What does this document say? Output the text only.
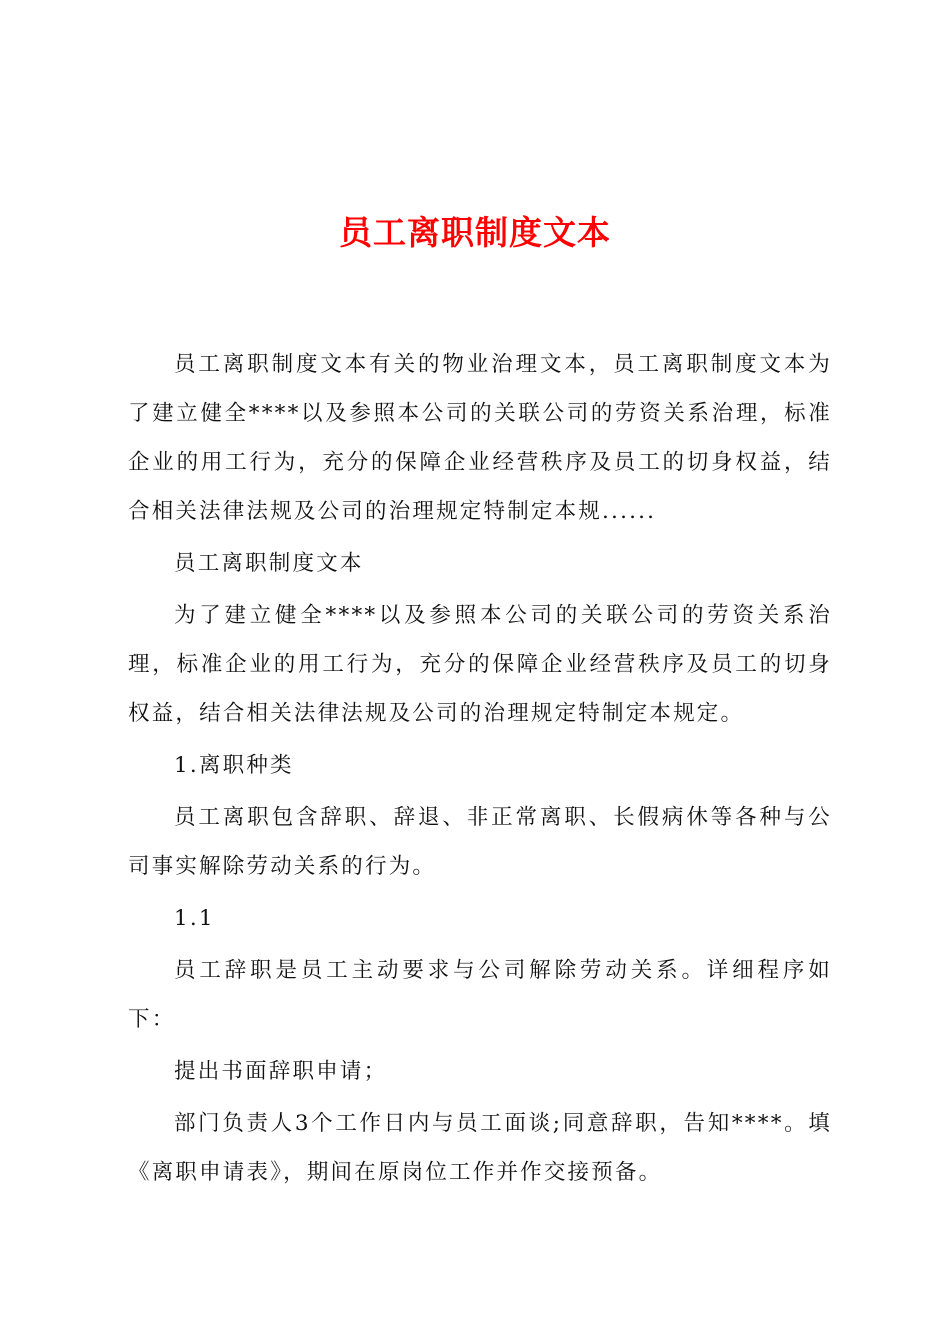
员工离职制度文本

员工离职制度文本有关的物业治理文本，员工离职制度文本为了建立健全****以及参照本公司的关联公司的劳资关系治理，标准企业的用工行为，充分的保障企业经营秩序及员工的切身权益，结合相关法律法规及公司的治理规定特制定本规......

员工离职制度文本

为了建立健全****以及参照本公司的关联公司的劳资关系治理，标准企业的用工行为，充分的保障企业经营秩序及员工的切身权益，结合相关法律法规及公司的治理规定特制定本规定。

1.离职种类

员工离职包含辞职、辞退、非正常离职、长假病休等各种与公司事实解除劳动关系的行为。

1.1

员工辞职是员工主动要求与公司解除劳动关系。详细程序如下：

提出书面辞职申请；

部门负责人3个工作日内与员工面谈;同意辞职，告知****。填《离职申请表》，期间在原岗位工作并作交接预备。
